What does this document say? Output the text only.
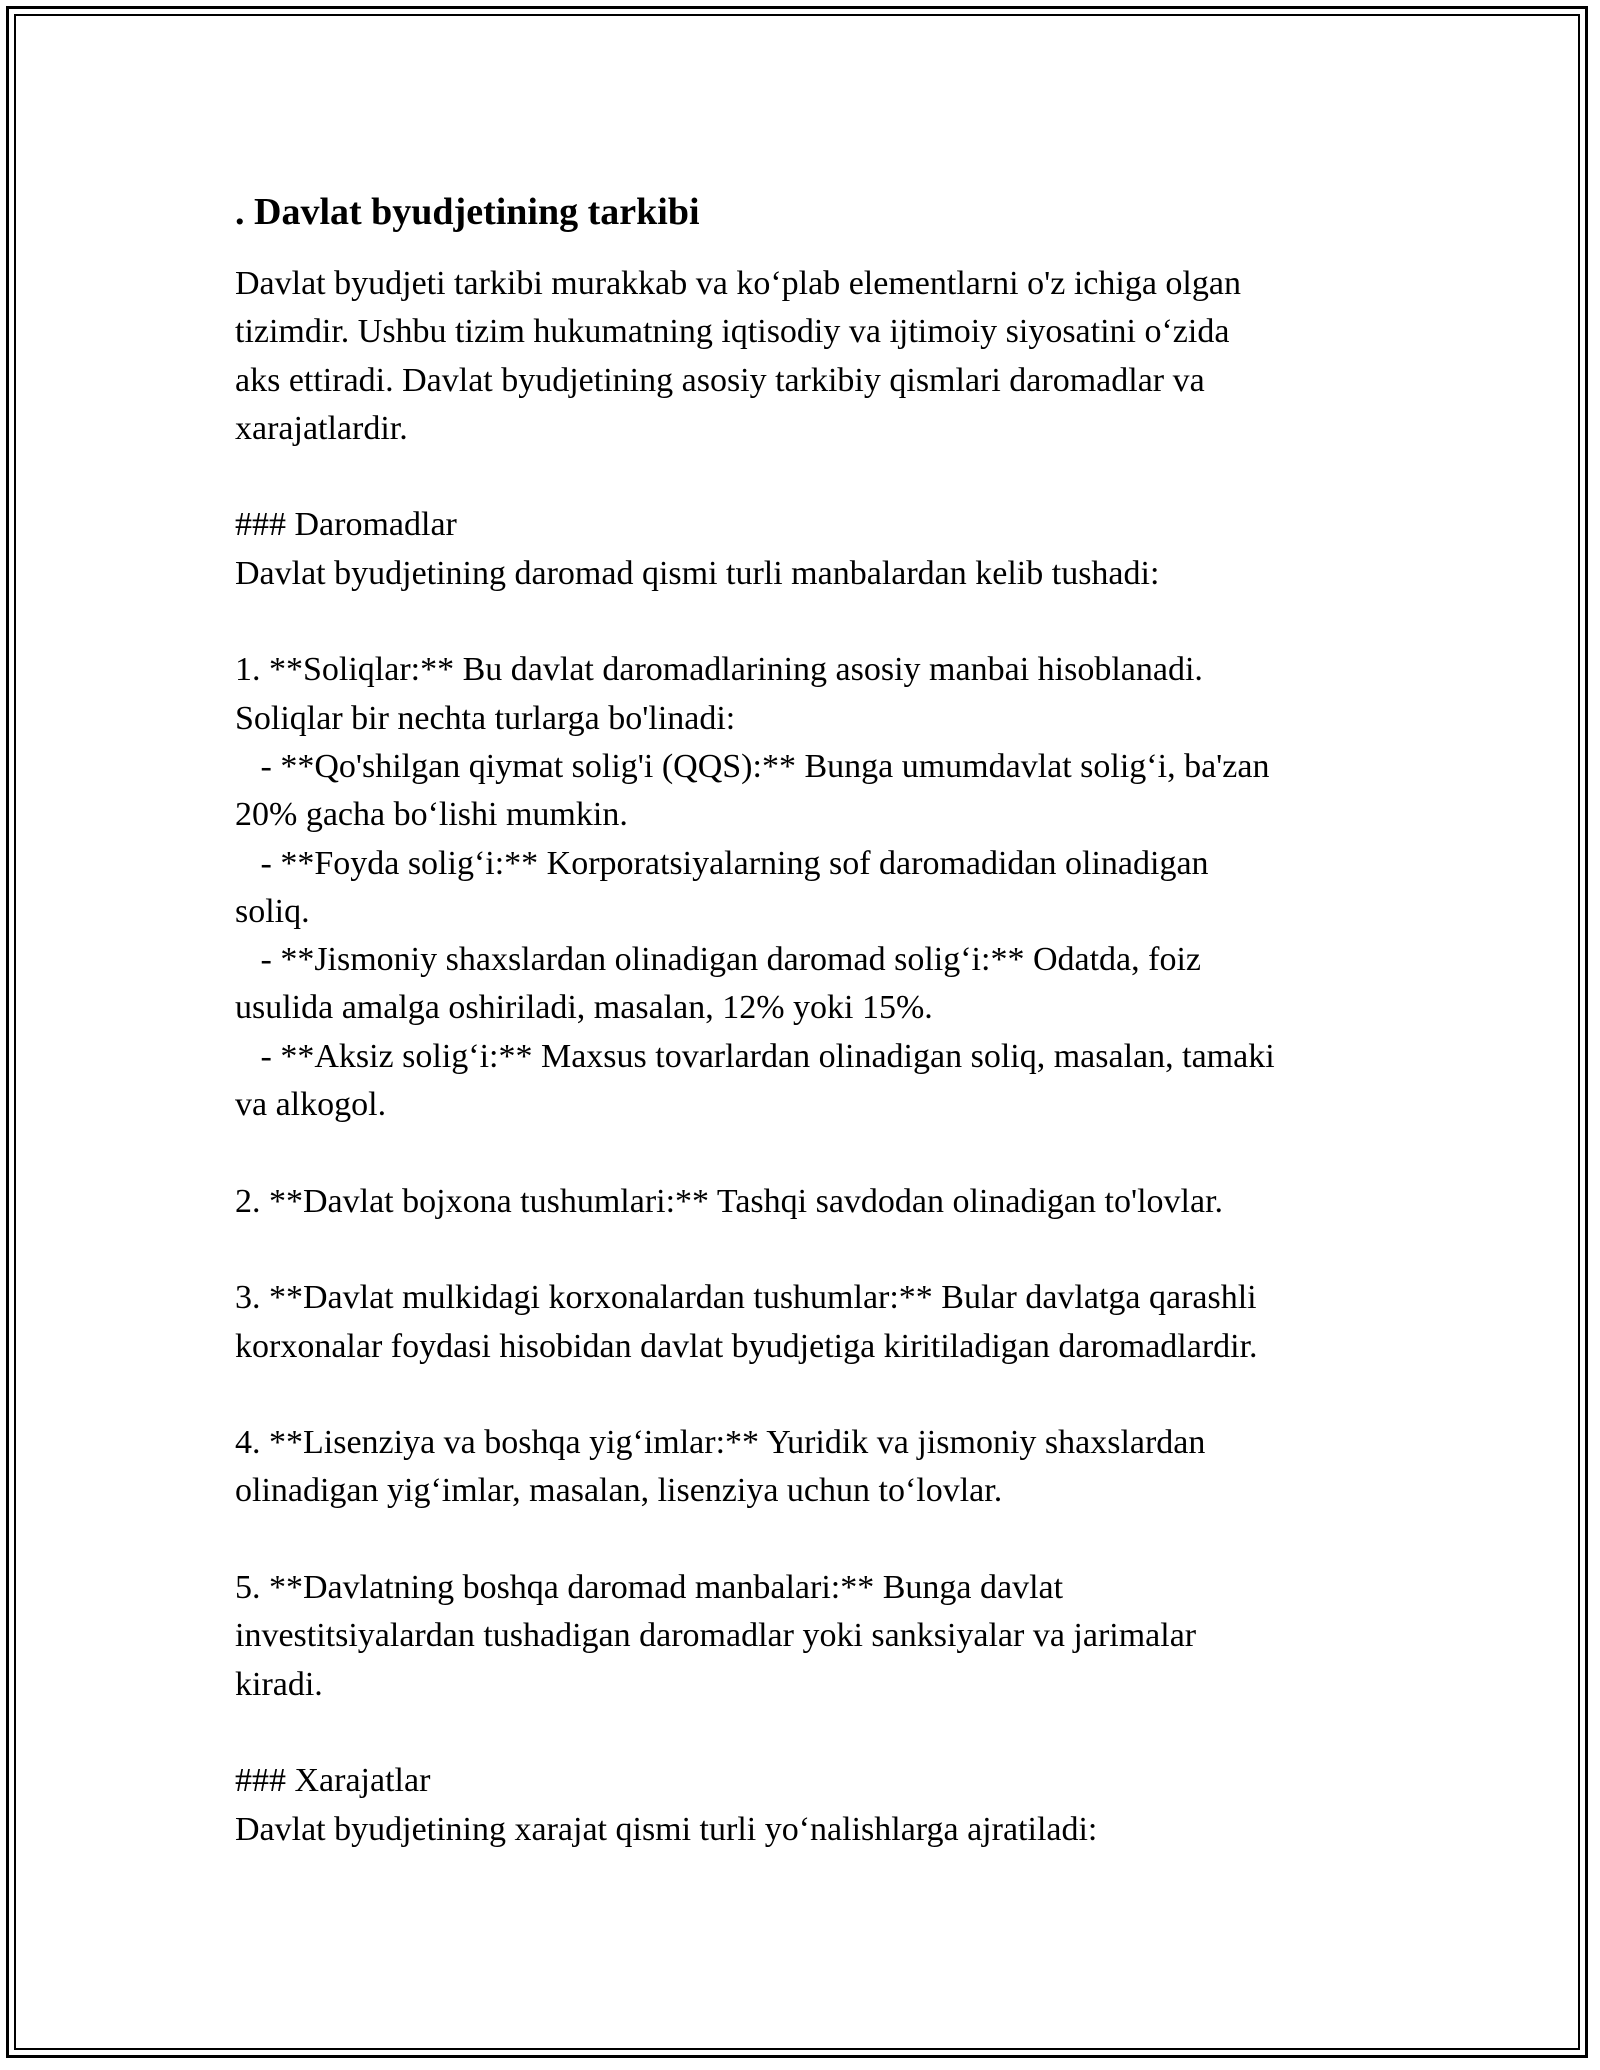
. Davlat byudjetining tarkibi
Davlat byudjeti tarkibi murakkab va ko‘plab elementlarni o'z ichiga olgan
tizimdir. Ushbu tizim hukumatning iqtisodiy va ijtimoiy siyosatini o‘zida
aks ettiradi. Davlat byudjetining asosiy tarkibiy qismlari daromadlar va
xarajatlardir.
### Daromadlar
Davlat byudjetining daromad qismi turli manbalardan kelib tushadi:
1. **Soliqlar:** Bu davlat daromadlarining asosiy manbai hisoblanadi.
Soliqlar bir nechta turlarga bo'linadi:
- **Qo'shilgan qiymat solig'i (QQS):** Bunga umumdavlat solig‘i, ba'zan
20% gacha bo‘lishi mumkin.
- **Foyda solig‘i:** Korporatsiyalarning sof daromadidan olinadigan
soliq.
- **Jismoniy shaxslardan olinadigan daromad solig‘i:** Odatda, foiz
usulida amalga oshiriladi, masalan, 12% yoki 15%.
- **Aksiz solig‘i:** Maxsus tovarlardan olinadigan soliq, masalan, tamaki
va alkogol.
2. **Davlat bojxona tushumlari:** Tashqi savdodan olinadigan to'lovlar.
3. **Davlat mulkidagi korxonalardan tushumlar:** Bular davlatga qarashli
korxonalar foydasi hisobidan davlat byudjetiga kiritiladigan daromadlardir.
4. **Lisenziya va boshqa yig‘imlar:** Yuridik va jismoniy shaxslardan
olinadigan yig‘imlar, masalan, lisenziya uchun to‘lovlar.
5. **Davlatning boshqa daromad manbalari:** Bunga davlat
investitsiyalardan tushadigan daromadlar yoki sanksiyalar va jarimalar
kiradi.
### Xarajatlar
Davlat byudjetining xarajat qismi turli yo‘nalishlarga ajratiladi:
